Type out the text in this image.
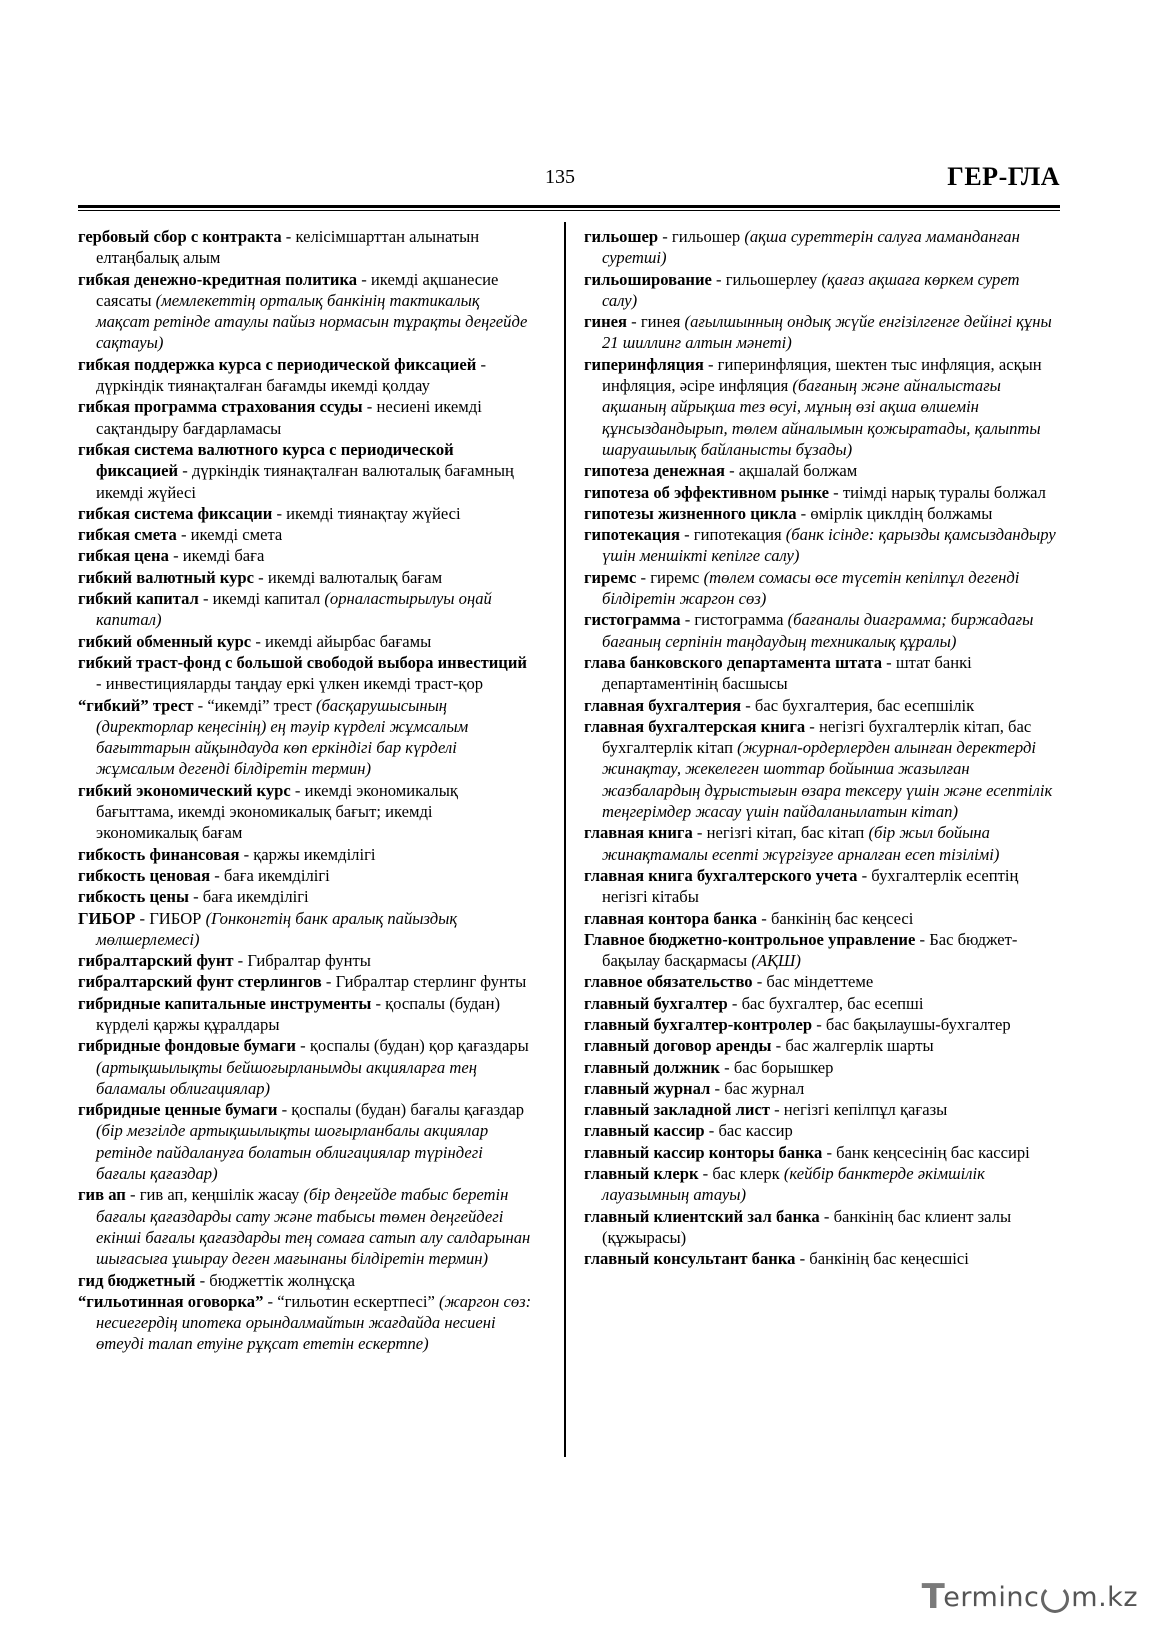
135	ГЕР-ГЛА

гербовый сбор с контракта - келісімшарттан алынатын елтаңбалық алым

гибкая денежно-кредитная политика - икемді ақшанесие саясаты (мемлекеттің орталық банкінің тактикалық мақсат ретінде атаулы пайыз нормасын тұрақты деңгейде сақтауы)

гибкая поддержка курса с периодической фиксацией - дүркіндік тиянақталған бағамды икемді қолдау

гибкая программа страхования ссуды - несиені икемді сақтандыру бағдарламасы

гибкая система валютного курса с периодической фиксацией - дүркіндік тиянақталған валюталық бағамның икемді жүйесі

гибкая система фиксации - икемді тиянақтау жүйесі

гибкая смета - икемді смета

гибкая цена - икемді баға

гибкий валютный курс - икемді валюталық бағам

гибкий капитал - икемді капитал (орналастырылуы оңай капитал)

гибкий обменный курс - икемді айырбас бағамы

гибкий траст-фонд с большой свободой выбора инвестиций - инвестицияларды таңдау еркі үлкен икемді траст-қор

“гибкий” трест - “икемді” трест (басқарушысының (директорлар кеңесінің) ең тәуір күрделі жұмсалым бағыттарын айқындауда көп еркіндігі бар күрделі жұмсалым дегенді білдіретін термин)

гибкий экономический курс - икемді экономикалық бағыттама, икемді экономикалық бағыт; икемді экономикалық бағам

гибкость финансовая - қаржы икемділігі

гибкость ценовая - баға икемділігі

гибкость цены - баға икемділігі

ГИБОР - ГИБОР (Гонконгтің банк аралық пайыздық мөлшерлемесі)

гибралтарский фунт - Гибралтар фунты

гибралтарский фунт стерлингов - Гибралтар стерлинг фунты

гибридные капитальные инструменты - қоспалы (будан) күрделі қаржы құралдары

гибридные фондовые бумаги - қоспалы (будан) қор қағаздары (артықшылықты бейшоғырланымды акцияларға тең баламалы облигациялар)

гибридные ценные бумаги - қоспалы (будан) бағалы қағаздар (бір мезгілде артықшылықты шоғырланбалы акциялар ретінде пайдалануға болатын облигациялар түріндегі бағалы қағаздар)

гив ап - гив ап, кеңшілік жасау (бір деңгейде табыс беретін бағалы қағаздарды сату және табысы төмен деңгейдегі екінші бағалы қағаздарды тең сомаға сатып алу салдарынан шығасыға ұшырау деген мағынаны білдіретін термин)

гид бюджетный - бюджеттік жолнұсқа

“гильотинная оговорка” - “гильотин ескертпесі” (жаргон сөз: несиегердің ипотека орындалмайтын жағдайда несиені өтеуді талап етуіне рұқсат ететін ескертпе)

гильошер - гильошер (ақша суреттерін салуға маманданған суретші)

гильоширование - гильошерлеу (қағаз ақшаға көркем сурет салу)

гинея - гинея (ағылшынның ондық жүйе енгізілгенге дейінгі құны 21 шиллинг алтын мәнеті)

гиперинфляция - гиперинфляция, шектен тыс инфляция, асқын инфляция, әсіре инфляция (бағаның және айналыстағы ақшаның айрықша тез өсуі, мұның өзі ақша өлшемін құнсыздандырып, төлем айналымын қожыратады, қалыпты шаруашылық байланысты бұзады)

гипотеза денежная - ақшалай болжам

гипотеза об эффективном рынке - тиімді нарық туралы болжал

гипотезы жизненного цикла - өмірлік циклдің болжамы

гипотекация - гипотекация (банк ісінде: қарызды қамсыздандыру үшін меншікті кепілге салу)

гиремс - гиремс (төлем сомасы өсе түсетін кепілпұл дегенді білдіретін жаргон сөз)

гистограмма - гистограмма (бағаналы диаграмма; биржадағы бағаның серпінін таңдаудың техникалық құралы)

глава банковского департамента штата - штат банкі департаментінің басшысы

главная бухгалтерия - бас бухгалтерия, бас есепшілік

главная бухгалтерская книга - негізгі бухгалтерлік кітап, бас бухгалтерлік кітап (журнал-ордерлерден алынған деректерді жинақтау, жекелеген шоттар бойынша жазылған жазбалардың дұрыстығын өзара тексеру үшін және есептілік теңгерімдер жасау үшін пайдаланылатын кітап)

главная книга - негізгі кітап, бас кітап (бір жыл бойына жинақтамалы есепті жүргізуге арналған есеп тізілімі)

главная книга бухгалтерского учета - бухгалтерлік есептің негізгі кітабы

главная контора банка - банкінің бас кеңсесі

Главное бюджетно-контрольное управление - Бас бюджет-бақылау басқармасы (АҚШ)

главное обязательство - бас міндеттеме

главный бухгалтер - бас бухгалтер, бас есепші

главный бухгалтер-контролер - бас бақылаушы-бухгалтер

главный договор аренды - бас жалгерлік шарты

главный должник - бас борышкер

главный журнал - бас журнал

главный закладной лист - негізгі кепілпұл қағазы

главный кассир - бас кассир

главный кассир конторы банка - банк кеңсесінің бас кассирі

главный клерк - бас клерк (кейбір банктерде әкімшілік лауазымның атауы)

главный клиентский зал банка - банкінің бас клиент залы (құжырасы)

главный консультант банка - банкінің бас кеңесшісі

T
erminc m.kz
